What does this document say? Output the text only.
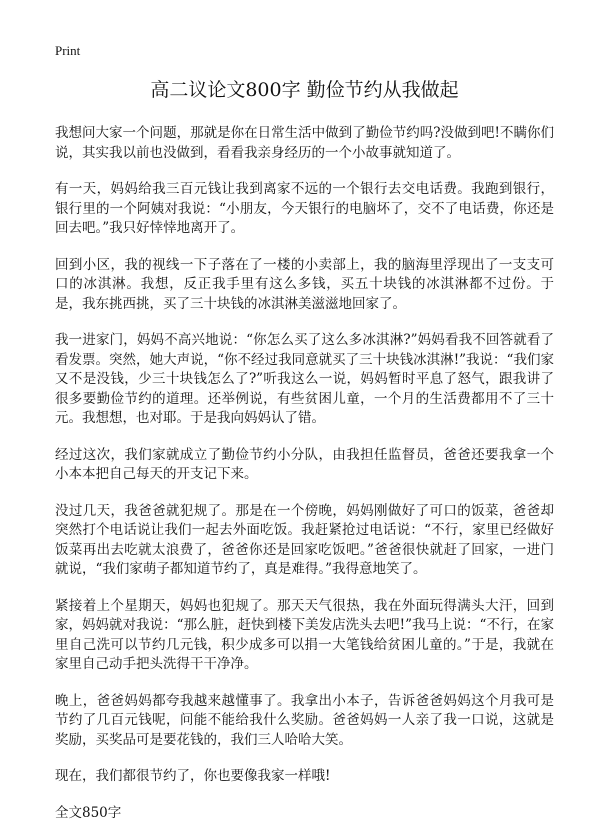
Print
高二议论文800字 勤俭节约从我做起

我想问大家一个问题，那就是你在日常生活中做到了勤俭节约吗?没做到吧!不瞒你们说，其实我以前也没做到，看看我亲身经历的一个小故事就知道了。

有一天，妈妈给我三百元钱让我到离家不远的一个银行去交电话费。我跑到银行，银行里的一个阿姨对我说：“小朋友，今天银行的电脑坏了，交不了电话费，你还是回去吧。”我只好悻悻地离开了。

回到小区，我的视线一下子落在了一楼的小卖部上，我的脑海里浮现出了一支支可口的冰淇淋。我想，反正我手里有这么多钱，买五十块钱的冰淇淋都不过份。于是，我东挑西挑，买了三十块钱的冰淇淋美滋滋地回家了。

我一进家门，妈妈不高兴地说：“你怎么买了这么多冰淇淋?”妈妈看我不回答就看了看发票。突然，她大声说，“你不经过我同意就买了三十块钱冰淇淋!”我说：“我们家又不是没钱，少三十块钱怎么了?”听我这么一说，妈妈暂时平息了怒气，跟我讲了很多要勤俭节约的道理。还举例说，有些贫困儿童，一个月的生活费都用不了三十元。我想想，也对耶。于是我向妈妈认了错。

经过这次，我们家就成立了勤俭节约小分队，由我担任监督员，爸爸还要我拿一个小本本把自己每天的开支记下来。

没过几天，我爸爸就犯规了。那是在一个傍晚，妈妈刚做好了可口的饭菜，爸爸却突然打个电话说让我们一起去外面吃饭。我赶紧抢过电话说：“不行，家里已经做好饭菜再出去吃就太浪费了，爸爸你还是回家吃饭吧。”爸爸很快就赶了回家，一进门就说，“我们家萌子都知道节约了，真是难得。”我得意地笑了。

紧接着上个星期天，妈妈也犯规了。那天天气很热，我在外面玩得满头大汗，回到家，妈妈就对我说：“那么脏，赶快到楼下美发店洗头去吧!”我马上说：“不行，在家里自己洗可以节约几元钱，积少成多可以捐一大笔钱给贫困儿童的。”于是，我就在家里自己动手把头洗得干干净净。

晚上，爸爸妈妈都夸我越来越懂事了。我拿出小本子，告诉爸爸妈妈这个月我可是节约了几百元钱呢，问能不能给我什么奖励。爸爸妈妈一人亲了我一口说，这就是奖励，买奖品可是要花钱的，我们三人哈哈大笑。

现在，我们都很节约了，你也要像我家一样哦!

全文850字
